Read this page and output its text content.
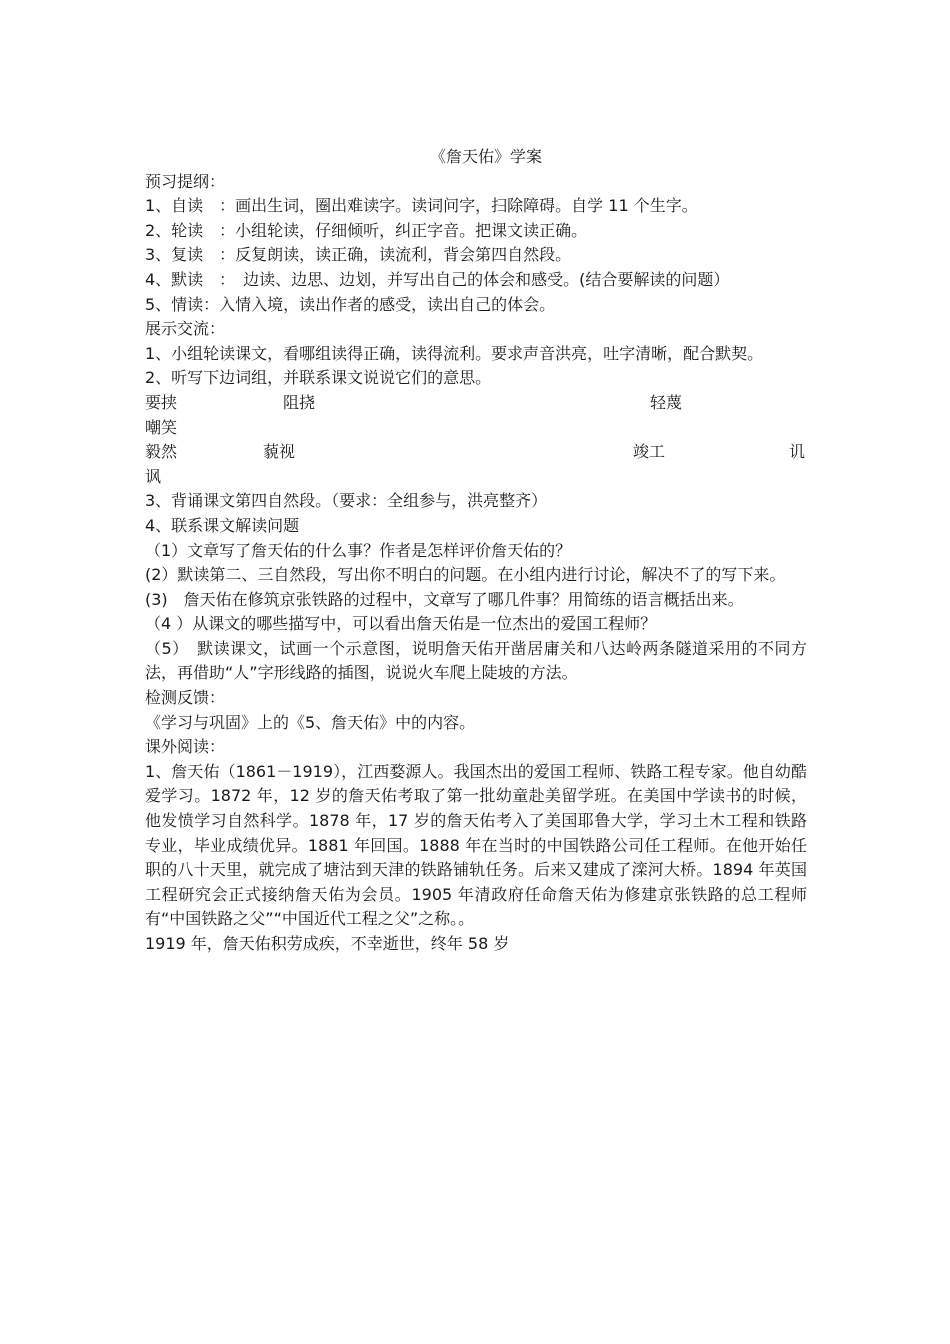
《詹天佑》学案
预习提纲：
1、自读　：画出生词，圈出难读字。读词问字，扫除障碍。自学 11 个生字。
2、轮读　：小组轮读，仔细倾听，纠正字音。把课文读正确。
3、复读　：反复朗读，读正确，读流利，背会第四自然段。
4、默读　：　边读、边思、边划，并写出自己的体会和感受。(结合要解读的问题）
5、情读：入情入境，读出作者的感受，读出自己的体会。
展示交流：
1、小组轮读课文，看哪组读得正确，读得流利。要求声音洪亮，吐字清晰，配合默契。
2、听写下边词组，并联系课文说说它们的意思。
要挟	阻挠	轻蔑
嘲笑
毅然	藐视	竣工	讥
讽
3、背诵课文第四自然段。（要求：全组参与，洪亮整齐）
4、联系课文解读问题
（1）文章写了詹天佑的什么事？作者是怎样评价詹天佑的？
(2）默读第二、三自然段，写出你不明白的问题。在小组内进行讨论，解决不了的写下来。
(3)　詹天佑在修筑京张铁路的过程中，文章写了哪几件事？用简练的语言概括出来。
（4 ）从课文的哪些描写中，可以看出詹天佑是一位杰出的爱国工程师？
（5）　默读课文，试画一个示意图，说明詹天佑开凿居庸关和八达岭两条隧道采用的不同方法，再借助“人”字形线路的插图，说说火车爬上陡坡的方法。
检测反馈：
《学习与巩固》上的《5、詹天佑》中的内容。
课外阅读：
1、詹天佑（1861－1919），江西婺源人。我国杰出的爱国工程师、铁路工程专家。他自幼酷爱学习。1872 年，12 岁的詹天佑考取了第一批幼童赴美留学班。在美国中学读书的时候，他发愤学习自然科学。1878 年，17 岁的詹天佑考入了美国耶鲁大学，学习土木工程和铁路专业，毕业成绩优异。1881 年回国。1888 年在当时的中国铁路公司任工程师。在他开始任职的八十天里，就完成了塘沽到天津的铁路铺轨任务。后来又建成了滦河大桥。1894 年英国工程研究会正式接纳詹天佑为会员。1905 年清政府任命詹天佑为修建京张铁路的总工程师　有“中国铁路之父”“中国近代工程之父”之称。。
1919 年，詹天佑积劳成疾，不幸逝世，终年 58 岁
